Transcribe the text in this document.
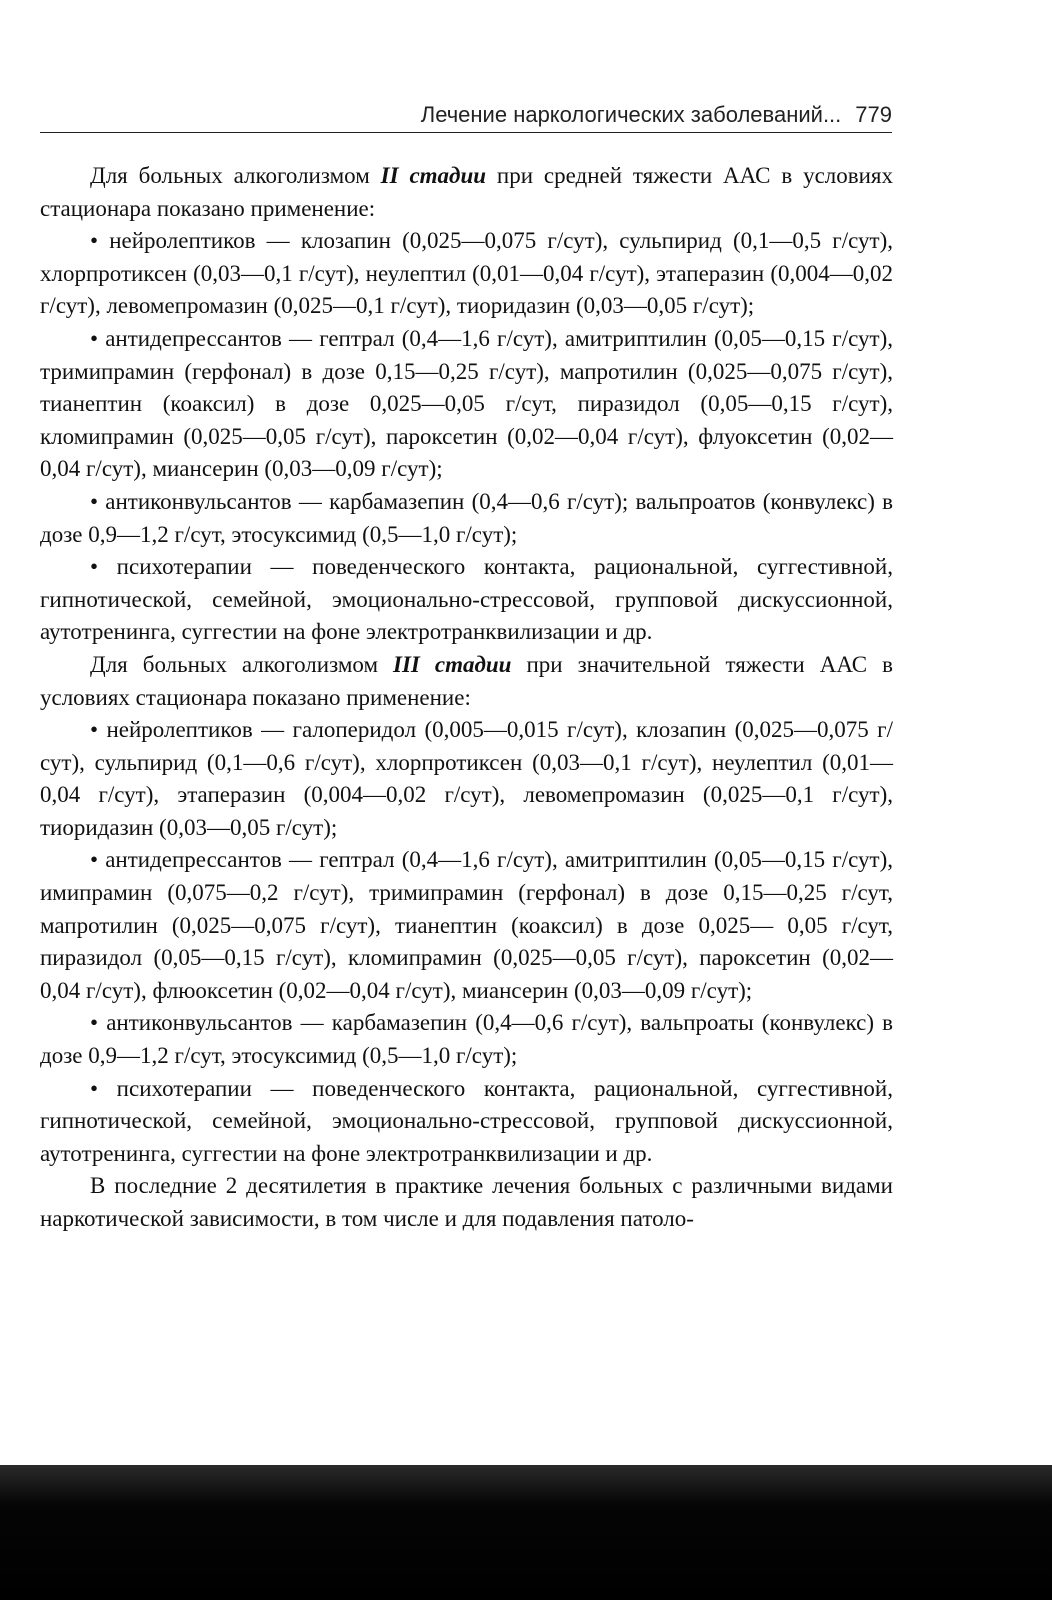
Лечение наркологических заболеваний... 779

Для больных алкоголизмом II стадии при средней тяжести ААС в условиях стационара показано применение:

• нейролептиков — клозапин (0,025—0,075 г/сут), сульпирид (0,1—0,5 г/сут), хлорпротиксен (0,03—0,1 г/сут), неулептил (0,01—0,04 г/сут), этаперазин (0,004—0,02 г/сут), левомепромазин (0,025—0,1 г/сут), тиоридазин (0,03—0,05 г/сут);

• антидепрессантов — гептрал (0,4—1,6 г/сут), амитриптилин (0,05—0,15 г/сут), тримипрамин (герфонал) в дозе 0,15—0,25 г/сут), мапротилин (0,025—0,075 г/сут), тианептин (коаксил) в дозе 0,025—0,05 г/сут, пиразидол (0,05—0,15 г/сут), кломипрамин (0,025—0,05 г/сут), пароксетин (0,02—0,04 г/сут), флуоксетин (0,02—0,04 г/сут), миансерин (0,03—0,09 г/сут);

• антиконвульсантов — карбамазепин (0,4—0,6 г/сут); вальпроатов (конвулекс) в дозе 0,9—1,2 г/сут, этосуксимид (0,5—1,0 г/сут);

• психотерапии — поведенческого контакта, рациональной, суггестивной, гипнотической, семейной, эмоционально-стрессовой, групповой дискуссионной, аутотренинга, суггестии на фоне электротранквилизации и др.

Для больных алкоголизмом III стадии при значительной тяжести ААС в условиях стационара показано применение:

• нейролептиков — галоперидол (0,005—0,015 г/сут), клозапин (0,025—0,075 г/сут), сульпирид (0,1—0,6 г/сут), хлорпротиксен (0,03—0,1 г/сут), неулептил (0,01—0,04 г/сут), этаперазин (0,004—0,02 г/сут), левомепромазин (0,025—0,1 г/сут), тиоридазин (0,03—0,05 г/сут);

• антидепрессантов — гептрал (0,4—1,6 г/сут), амитриптилин (0,05—0,15 г/сут), имипрамин (0,075—0,2 г/сут), тримипрамин (герфонал) в дозе 0,15—0,25 г/сут, мапротилин (0,025—0,075 г/сут), тианептин (коаксил) в дозе 0,025— 0,05 г/сут, пиразидол (0,05—0,15 г/сут), кломипрамин (0,025—0,05 г/сут), пароксетин (0,02—0,04 г/сут), флюоксетин (0,02—0,04 г/сут), миансерин (0,03—0,09 г/сут);

• антиконвульсантов — карбамазепин (0,4—0,6 г/сут), вальпроаты (конвулекс) в дозе 0,9—1,2 г/сут, этосуксимид (0,5—1,0 г/сут);

• психотерапии — поведенческого контакта, рациональной, суггестивной, гипнотической, семейной, эмоционально-стрессовой, групповой дискуссионной, аутотренинга, суггестии на фоне электротранквилизации и др.

В последние 2 десятилетия в практике лечения больных с различными видами наркотической зависимости, в том числе и для подавления патоло-
